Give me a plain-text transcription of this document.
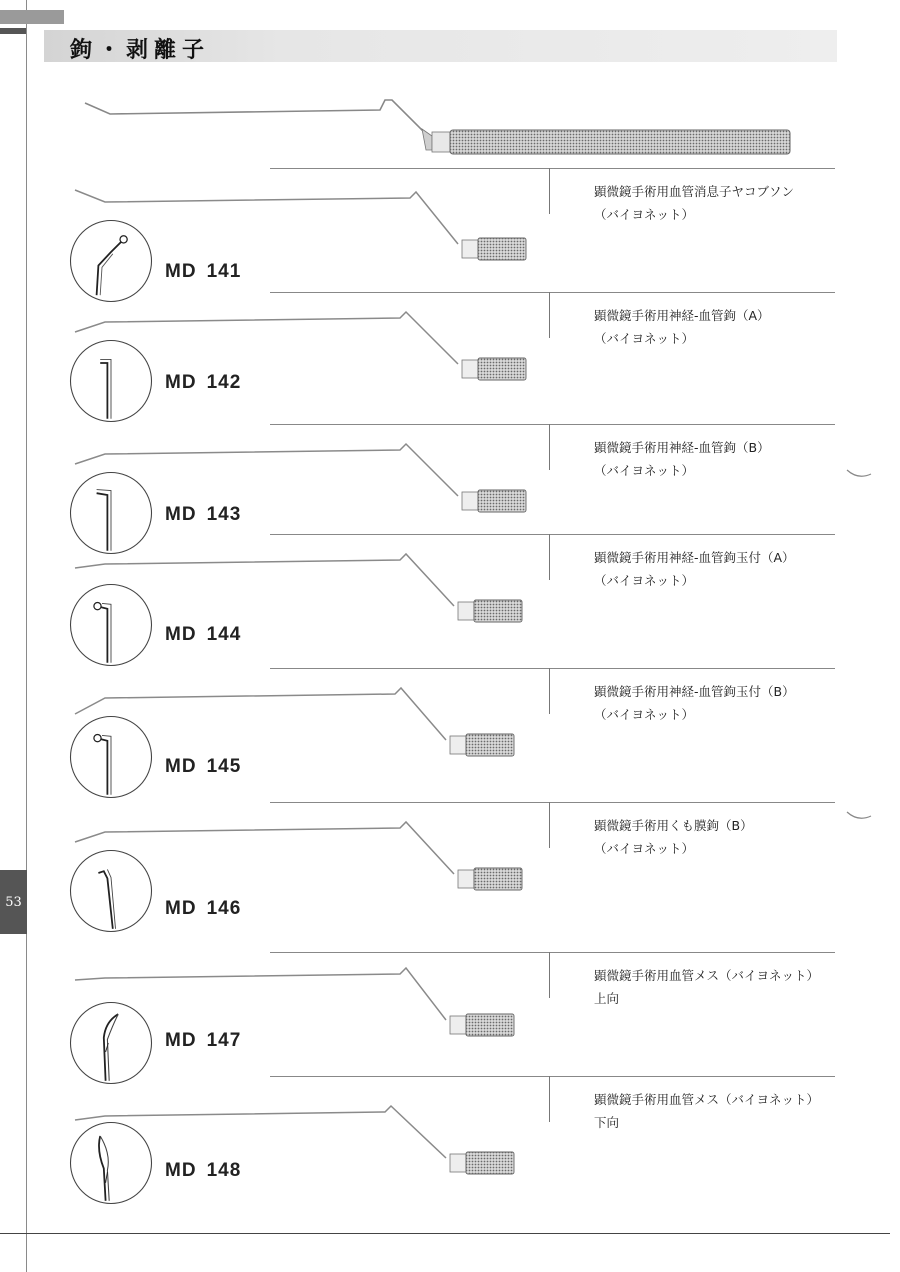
鉤・剥離子
MD 141
顕微鏡手術用血管消息子ヤコブソン
（バイヨネット）
MD 142
顕微鏡手術用神経-血管鉤（A）
（バイヨネット）
MD 143
顕微鏡手術用神経-血管鉤（B）
（バイヨネット）
MD 144
顕微鏡手術用神経-血管鉤玉付（A）
（バイヨネット）
MD 145
顕微鏡手術用神経-血管鉤玉付（B）
（バイヨネット）
MD 146
顕微鏡手術用くも膜鉤（B）
（バイヨネット）
MD 147
顕微鏡手術用血管メス（バイヨネット）
上向
MD 148
顕微鏡手術用血管メス（バイヨネット）
下向
53
